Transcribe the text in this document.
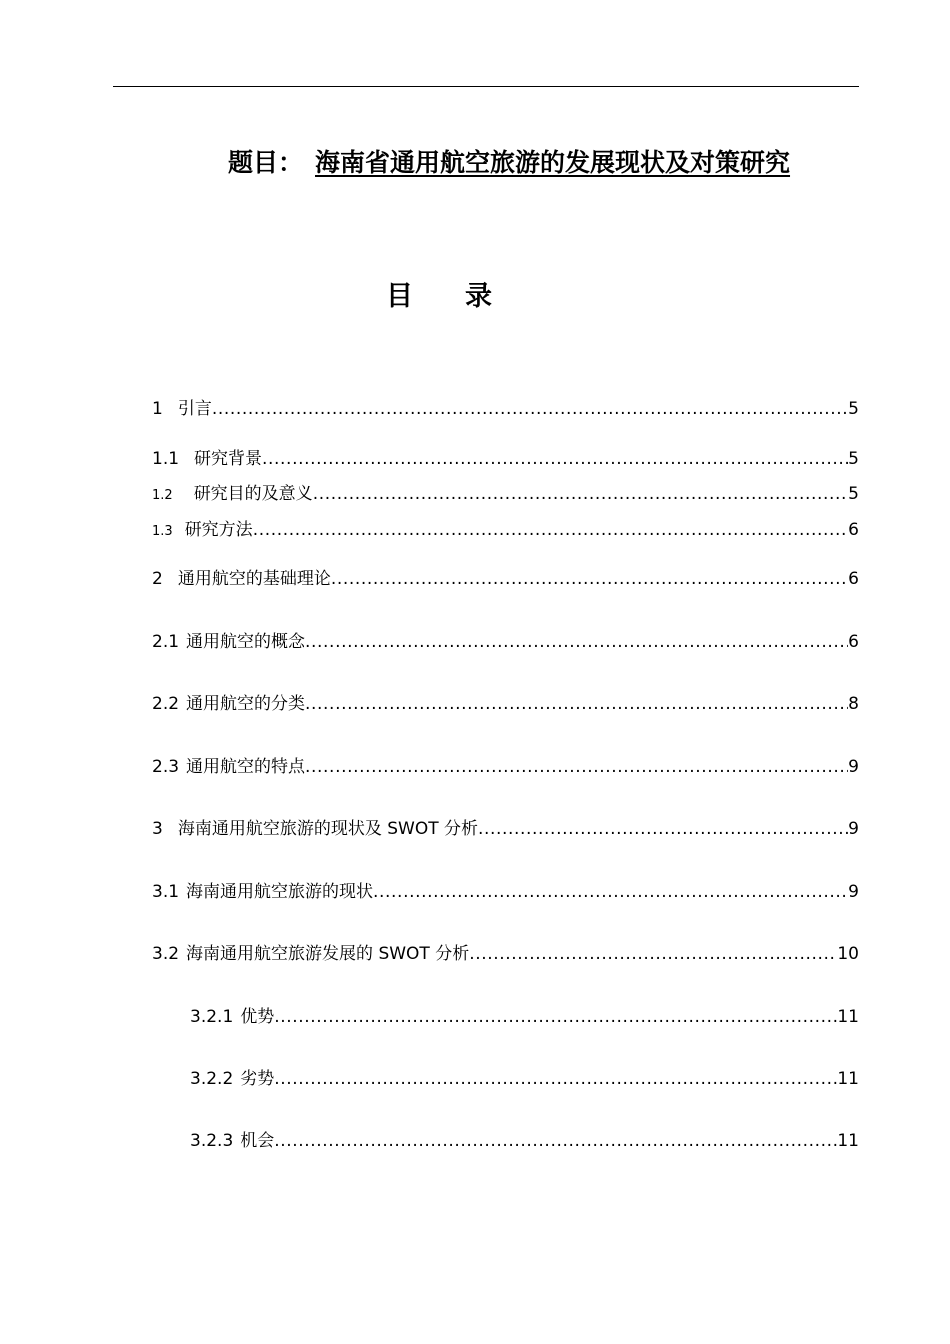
题目： 海南省通用航空旅游的发展现状及对策研究
目录
1 引言 .....	5
1.1 研究背景 .....	5
1.2 研究目的及意义 .....	5
1.3 研究方法 .....	6
2 通用航空的基础理论 .....	6
2.1 通用航空的概念 .....	6
2.2 通用航空的分类 .....	8
2.3 通用航空的特点 .....	9
3 海南通用航空旅游的现状及 SWOT 分析 .....	9
3.1 海南通用航空旅游的现状 .....	9
3.2 海南通用航空旅游发展的 SWOT 分析 .....	10
3.2.1 优势 .....	11
3.2.2 劣势 .....	11
3.2.3 机会 .....	11
